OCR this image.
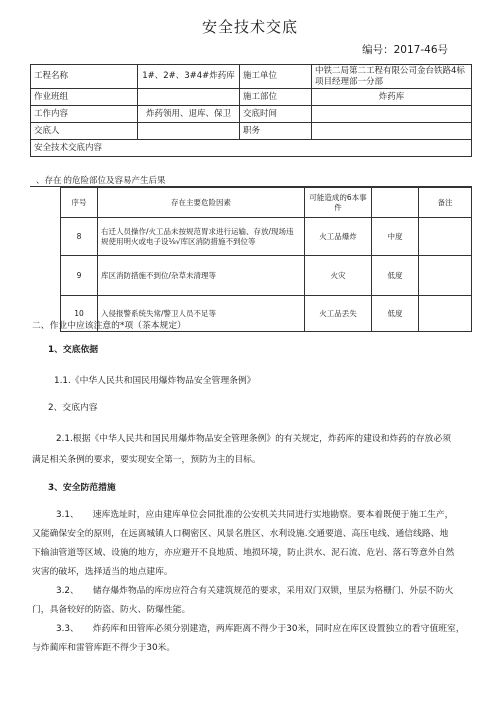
安全技术交底
编号：2017-46号
工程名称	1#、2#、3#4#炸药库	施工单位	中铁二局第二工程有限公司金台铁路4标项目经理部一分部
作业班组		施工部位	炸药库
工作内容	炸药领用、退库、保卫	交底时间	
交底人		职务	
安全技术交底内容			
、存在 的危险部位及容易产生后果
序号	存在主要危险因素	可能造成的6本事件		备注
8	右迁人员操作/火工品未按规范胃求进行运输、存放/现场违规使用明火或电子设⅛√库区消防措施不到位等	火工品爆炸	中度	
9	库区消防措施不到位/杂草未清理等	火灾	低度	
10	入侵报警系统失常/警卫人员不足等	火工品丢失	低度	
二、作业中应该注意的*项（茶本规定）
1、交底依据
1.1.《中华人民共和国民用爆炸物品安全管理条例》
2、交底内容
2.1.根据《中华人民共和国民用爆炸物品安全管理条例》的有关规定，炸药库的建设和炸药的存放必须
满足相关条例的要求，要实现安全第一，预防为主的目标。
3、安全防范措施
3.1、     速库选址时，应由建库单位会同批准的公安机关共同进行实地勘察。要本着既便于施工生产，
又能确保安全的原则，在远离城镇人口稠密区、风景名胜区、水利设施.交通要道、高压电线、通信线路、地
下输油管道等区域、设施的地方，亦应避开不良地质、地损环境，防止洪水、泥石流、危岩、落石等意外自然
灾害的破坏，选择适当的地点建库。
3.2、     储存爆炸物品的库房应符合有关建筑规范的要求，采用双门双锁，里层为格栅门、外层不防火
门，具备较好的防盗、防火、防爆性能。
3.3、     炸药库和田管库必须分别建造，两库距离不得少于30米，同时应在库区设置独立的看守值班室，
与炸蔺库和雷管库距不得少于30米。
